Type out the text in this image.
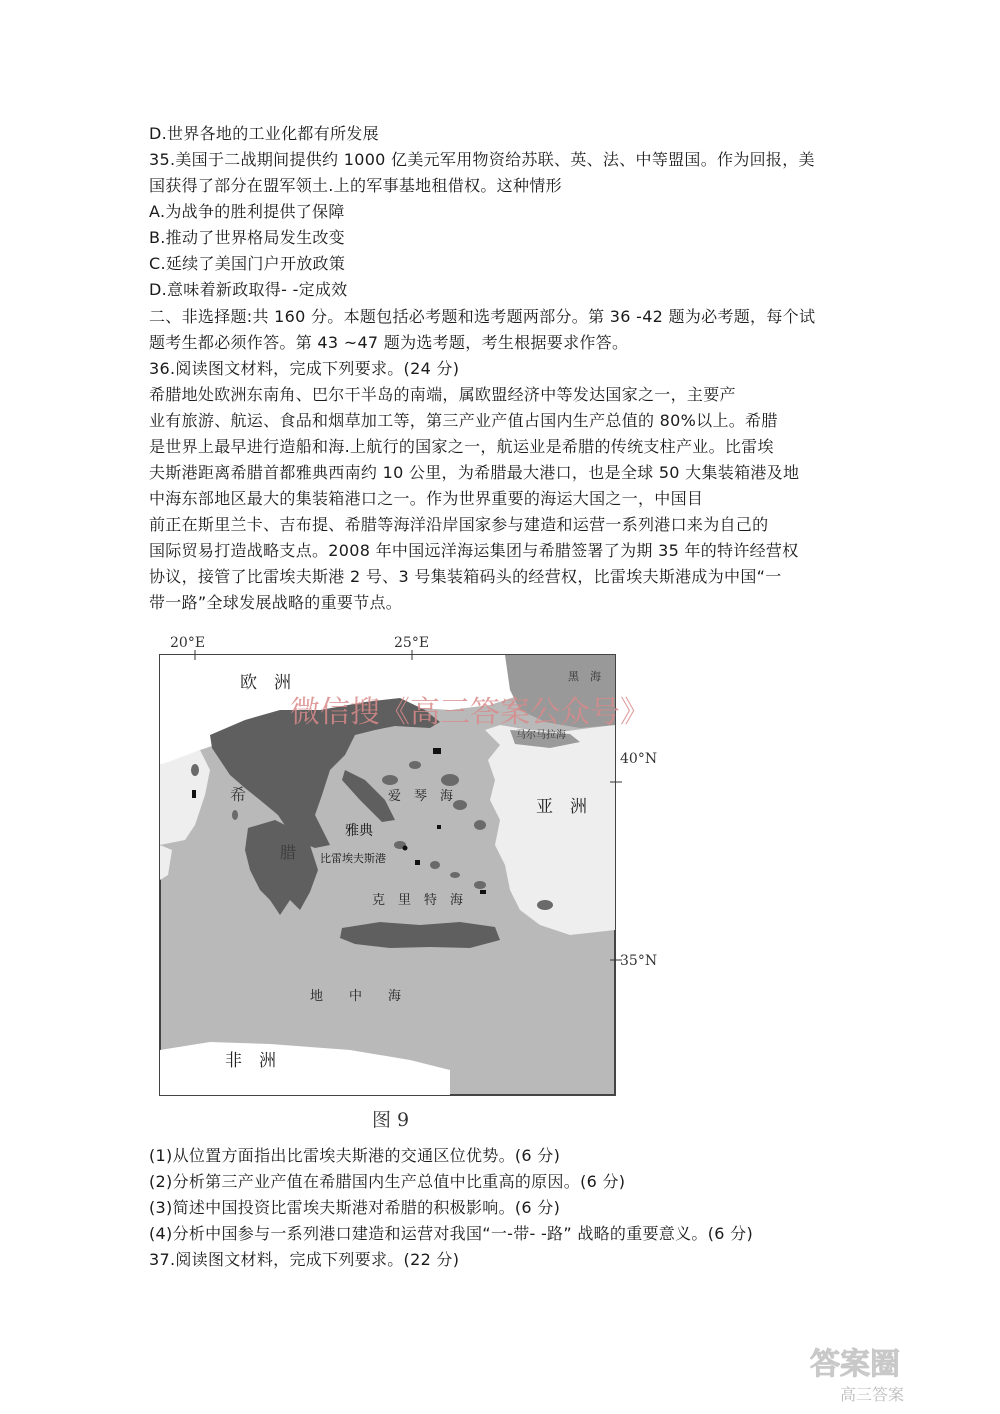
D.世界各地的工业化都有所发展

35.美国于二战期间提供约 1000 亿美元军用物资给苏联、英、法、中等盟国。作为回报，美

国获得了部分在盟军领土.上的军事基地租借权。这种情形

A.为战争的胜利提供了保障

B.推动了世界格局发生改变

C.延续了美国门户开放政策

D.意味着新政取得- -定成效

二、非选择题:共 160 分。本题包括必考题和选考题两部分。第 36 -42 题为必考题，每个试

题考生都必须作答。第 43 ~47 题为选考题，考生根据要求作答。

36.阅读图文材料，完成下列要求。(24 分)

希腊地处欧洲东南角、巴尔干半岛的南端，属欧盟经济中等发达国家之一，主要产

业有旅游、航运、食品和烟草加工等，第三产业产值占国内生产总值的 80%以上。希腊

是世界上最早进行造船和海.上航行的国家之一，航运业是希腊的传统支柱产业。比雷埃

夫斯港距离希腊首都雅典西南约 10 公里，为希腊最大港口，也是全球 50 大集装箱港及地

中海东部地区最大的集装箱港口之一。作为世界重要的海运大国之一，中国目

前正在斯里兰卡、吉布提、希腊等海洋沿岸国家参与建造和运营一系列港口来为自己的

国际贸易打造战略支点。2008 年中国远洋海运集团与希腊签署了为期 35 年的特许经营权

协议，接管了比雷埃夫斯港 2 号、3 号集装箱码头的经营权，比雷埃夫斯港成为中国“一

带一路”全球发展战略的重要节点。

20°E	25°E
40°N
35°N
欧　洲	黑　海
马尔马拉海
亚　洲
爱　琴　海
克　里　特　海
地　　中　　海
非　洲
希
腊
雅典
比雷埃夫斯港
微信搜《高三答案公众号》
图 9

(1)从位置方面指出比雷埃夫斯港的交通区位优势。(6 分)

(2)分析第三产业产值在希腊国内生产总值中比重高的原因。(6 分)

(3)简述中国投资比雷埃夫斯港对希腊的积极影响。(6 分)

(4)分析中国参与一系列港口建造和运营对我国“一-带- -路” 战略的重要意义。(6 分)

37.阅读图文材料，完成下列要求。(22 分)

答案圈
高三答案
